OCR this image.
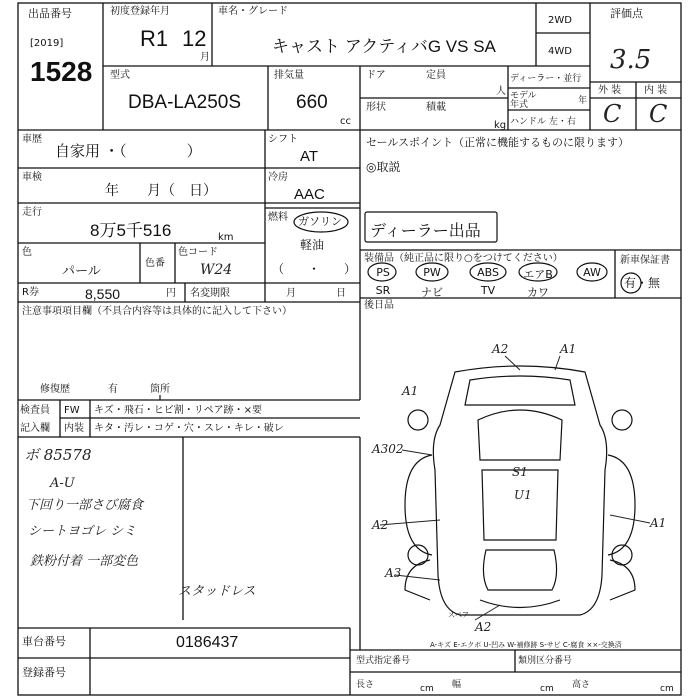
出品番号
[2019]
1528
初度登録年月
R1 12
月
車名・グレード
キャスト アクティバG VS SA
2WD
4WD
評価点
3.5
型式
DBA-LA250S
排気量
660
cc
ドア	定員
人
形状	積載
kg
ディーラー・並行
モデル	年
年式
ハンドル 左・右
外 装 内 装
C C
車歴
自家用 ・（　　　　）
車検
年　　月（　日）
走行
8万5千516	km
色
パール	色番
色コード
W24
R券	8,550	円 名変期限	月	日
シフト
AT
冷房
AAC
燃料 ガソリン
軽油
（　　・　　）
セールスポイント（正常に機能するものに限ります）
◎取説
ディーラー出品
装備品（純正品に限り○をつけてください）	新車保証書
有・無
PS	PW	ABS	エアB	AW
SR	ナビ	TV	カワ
後日品
注意事項項目欄（不具合内容等は具体的に記入して下さい）
修復歴	有	箇所
検査員
記入欄
FW キズ・飛石・ヒビ割・リペア跡・×要
内装 キタ・汚レ・コゲ・穴・スレ・キレ・破レ
ボ 85578
A-U
下回り一部さび腐食
シートヨゴレ シミ
鉄粉付着 一部変色
スタッドレス
A2	A1
A1
A302
S1
U1
A2	A1
A3
A2
スペア
A-キズ E-エクボ U-凹み W-補修跡 S-サビ C-腐食 ××-交換済
車台番号	0186437
登録番号
型式指定番号	類別区分番号
長さ	cm 幅	cm 高さ	cm
